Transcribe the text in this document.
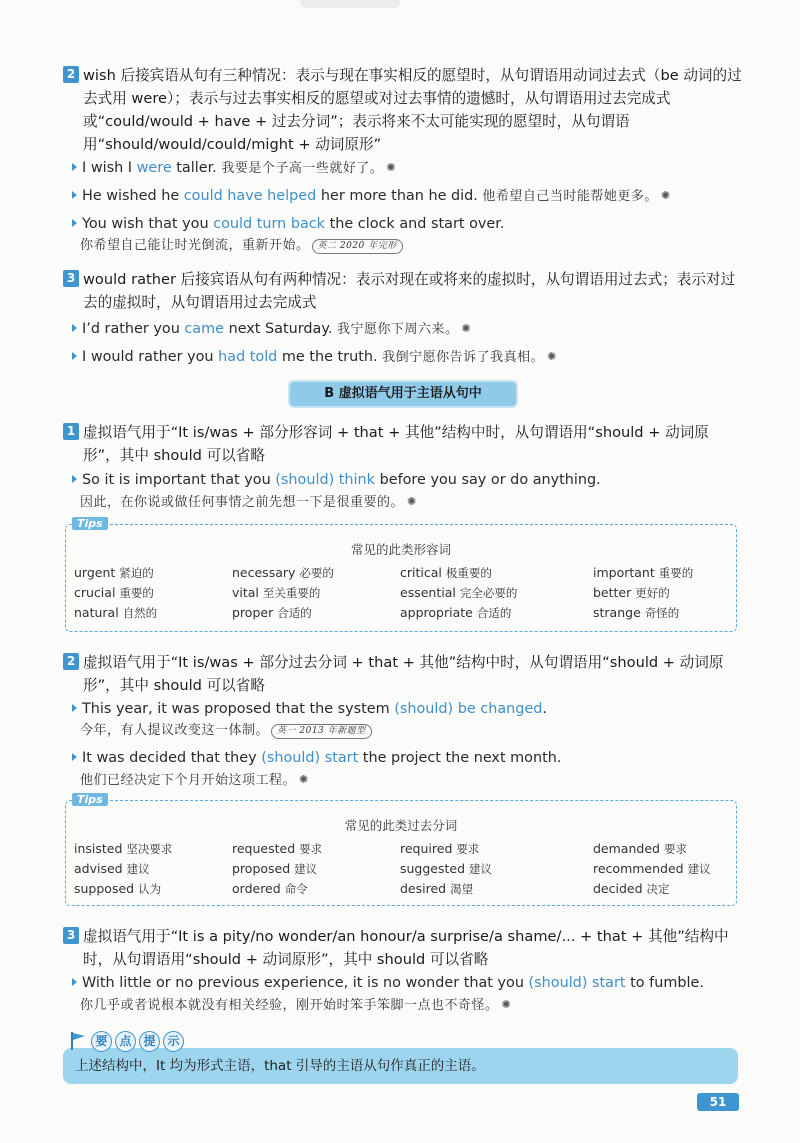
2 wish 后接宾语从句有三种情况：表示与现在事实相反的愿望时，从句谓语用动词过去式（be 动词的过去式用 were）；表示与过去事实相反的愿望或对过去事情的遗憾时，从句谓语用过去完成式或“could/would + have + 过去分词”；表示将来不太可能实现的愿望时，从句谓语用“should/would/could/might + 动词原形”
I wish I were taller. 我要是个子高一些就好了。 ✺
He wished he could have helped her more than he did. 他希望自己当时能帮她更多。 ✺
You wish that you could turn back the clock and start over.
你希望自己能让时光倒流，重新开始。 英二 2020 年完形
3 would rather 后接宾语从句有两种情况：表示对现在或将来的虚拟时，从句谓语用过去式；表示对过去的虚拟时，从句谓语用过去完成式
I’d rather you came next Saturday. 我宁愿你下周六来。 ✺
I would rather you had told me the truth. 我倒宁愿你告诉了我真相。 ✺
B 虚拟语气用于主语从句中
1 虚拟语气用于“It is/was + 部分形容词 + that + 其他”结构中时，从句谓语用“should + 动词原形”，其中 should 可以省略
So it is important that you (should) think before you say or do anything.
因此，在你说或做任何事情之前先想一下是很重要的。 ✺
Tips
常见的此类形容词
urgent 紧迫的	necessary 必要的	critical 极重要的	important 重要的
crucial 重要的	vital 至关重要的	essential 完全必要的	better 更好的
natural 自然的	proper 合适的	appropriate 合适的	strange 奇怪的
2 虚拟语气用于“It is/was + 部分过去分词 + that + 其他”结构中时，从句谓语用“should + 动词原形”，其中 should 可以省略
This year, it was proposed that the system (should) be changed.
今年，有人提议改变这一体制。 英一 2013 年新题型
It was decided that they (should) start the project the next month.
他们已经决定下个月开始这项工程。 ✺
Tips
常见的此类过去分词
insisted 坚决要求	requested 要求	required 要求	demanded 要求
advised 建议	proposed 建议	suggested 建议	recommended 建议
supposed 认为	ordered 命令	desired 渴望	decided 决定
3 虚拟语气用于“It is a pity/no wonder/an honour/a surprise/a shame/... + that + 其他”结构中时，从句谓语用“should + 动词原形”，其中 should 可以省略
With little or no previous experience, it is no wonder that you (should) start to fumble.
你几乎或者说根本就没有相关经验，刚开始时笨手笨脚一点也不奇怪。 ✺
上述结构中，It 均为形式主语，that 引导的主语从句作真正的主语。
要 点 提 示
51
